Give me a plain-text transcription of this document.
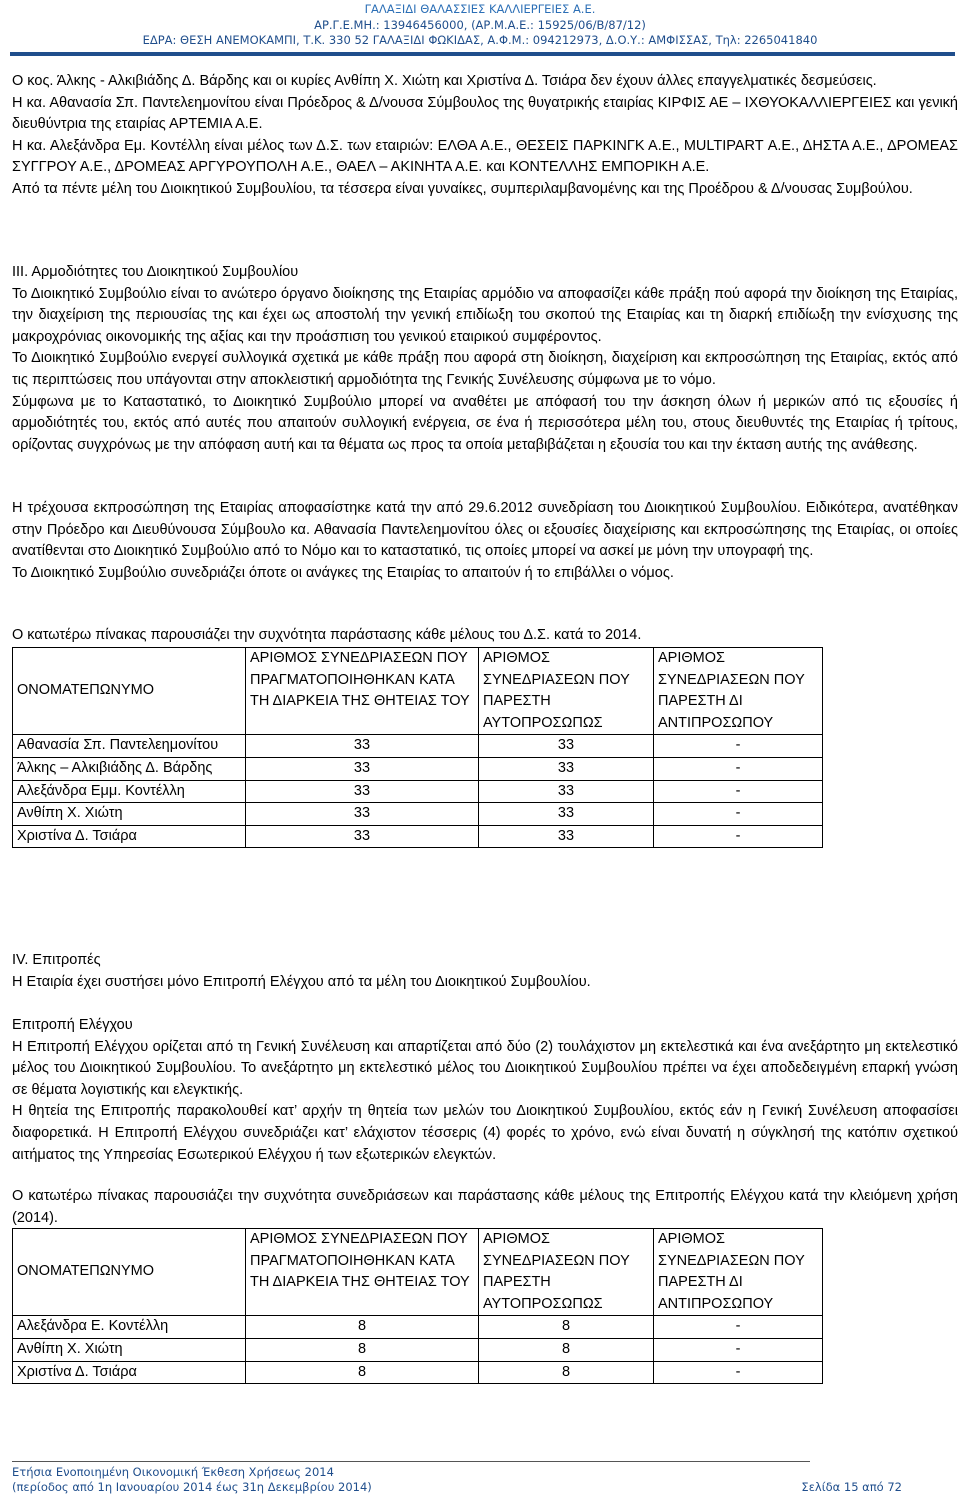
ΓΑΛΑΞΙΔΙ ΘΑΛΑΣΣΙΕΣ ΚΑΛΛΙΕΡΓΕΙΕΣ Α.Ε.
ΑΡ.Γ.Ε.ΜΗ.: 13946456000, (ΑΡ.Μ.Α.Ε.: 15925/06/Β/87/12)
ΕΔΡΑ: ΘΕΣΗ ΑΝΕΜΟΚΑΜΠΙ, Τ.Κ. 330 52 ΓΑΛΑΞΙΔΙ ΦΩΚΙΔΑΣ, Α.Φ.Μ.: 094212973, Δ.Ο.Υ.: ΑΜΦΙΣΣΑΣ, Τηλ: 2265041840

Ο κος. Άλκης - Αλκιβιάδης Δ. Βάρδης και οι κυρίες Ανθίπη Χ. Χιώτη και Χριστίνα Δ. Τσιάρα δεν έχουν άλλες επαγγελματικές δεσμεύσεις.

Η κα. Αθανασία Σπ. Παντελεημονίτου είναι Πρόεδρος & Δ/νουσα Σύμβουλος της θυγατρικής εταιρίας ΚΙΡΦΙΣ ΑΕ – ΙΧΘΥΟΚΑΛΛΙΕΡΓΕΙΕΣ και γενική διευθύντρια της εταιρίας ΑΡΤΕΜΙΑ Α.Ε.

Η κα. Αλεξάνδρα Εμ. Κοντέλλη είναι μέλος των Δ.Σ. των εταιριών: ΕΛΘΑ Α.Ε., ΘΕΣΕΙΣ ΠΑΡΚΙΝΓΚ Α.Ε., MULTIPART Α.Ε., ΔΗΣΤΑ Α.Ε., ΔΡΟΜΕΑΣ ΣΥΓΓΡΟΥ Α.Ε., ΔΡΟΜΕΑΣ ΑΡΓΥΡΟΥΠΟΛΗ Α.Ε., ΘΑΕΛ – ΑΚΙΝΗΤΑ Α.Ε. και ΚΟΝΤΕΛΛΗΣ ΕΜΠΟΡΙΚΗ Α.Ε.

Από τα πέντε μέλη του Διοικητικού Συμβουλίου, τα τέσσερα είναι γυναίκες, συμπεριλαμβανομένης και της Προέδρου & Δ/νουσας Συμβούλου.

ΙΙΙ. Αρμοδιότητες του Διοικητικού Συμβουλίου

Το Διοικητικό Συμβούλιο είναι το ανώτερο όργανο διοίκησης της Εταιρίας αρμόδιο να αποφασίζει κάθε πράξη πού αφορά την διοίκηση της Εταιρίας, την διαχείριση της περιουσίας της και έχει ως αποστολή την γενική επιδίωξη του σκοπού της Εταιρίας και τη διαρκή επιδίωξη την ενίσχυσης της μακροχρόνιας οικονομικής της αξίας και την προάσπιση του γενικού εταιρικού συμφέροντος.

Το Διοικητικό Συμβούλιο ενεργεί συλλογικά σχετικά με κάθε πράξη που αφορά στη διοίκηση, διαχείριση και εκπροσώπηση της Εταιρίας, εκτός από τις περιπτώσεις που υπάγονται στην αποκλειστική αρμοδιότητα της Γενικής Συνέλευσης σύμφωνα με το νόμο.

Σύμφωνα με το Καταστατικό, το Διοικητικό Συμβούλιο μπορεί να αναθέτει με απόφασή του την άσκηση όλων ή μερικών από τις εξουσίες ή αρμοδιότητές του, εκτός από αυτές που απαιτούν συλλογική ενέργεια, σε ένα ή περισσότερα μέλη του, στους διευθυντές της Εταιρίας ή τρίτους, ορίζοντας συγχρόνως με την απόφαση αυτή και τα θέματα ως προς τα οποία μεταβιβάζεται η εξουσία του και την έκταση αυτής της ανάθεσης.

Η τρέχουσα εκπροσώπηση της Εταιρίας αποφασίστηκε κατά την από 29.6.2012 συνεδρίαση του Διοικητικού Συμβουλίου. Ειδικότερα, ανατέθηκαν στην Πρόεδρο και Διευθύνουσα Σύμβουλο κα. Αθανασία Παντελεημονίτου όλες οι εξουσίες διαχείρισης και εκπροσώπησης της Εταιρίας, οι οποίες ανατίθενται στο Διοικητικό Συμβούλιο από το Νόμο και το καταστατικό, τις οποίες μπορεί να ασκεί με μόνη την υπογραφή της.

Το Διοικητικό Συμβούλιο συνεδριάζει όποτε οι ανάγκες της Εταιρίας το απαιτούν ή το επιβάλλει ο νόμος.

Ο κατωτέρω πίνακας παρουσιάζει την συχνότητα παράστασης κάθε μέλους του Δ.Σ. κατά το 2014.

ΟΝΟΜΑΤΕΠΩΝΥΜΟ	ΑΡΙΘΜΟΣ ΣΥΝΕΔΡΙΑΣΕΩΝ ΠΟΥ ΠΡΑΓΜΑΤΟΠΟΙΗΘΗΚΑΝ ΚΑΤΑ ΤΗ ΔΙΑΡΚΕΙΑ ΤΗΣ ΘΗΤΕΙΑΣ ΤΟΥ	ΑΡΙΘΜΟΣ ΣΥΝΕΔΡΙΑΣΕΩΝ ΠΟΥ ΠΑΡΕΣΤΗ ΑΥΤΟΠΡΟΣΩΠΩΣ	ΑΡΙΘΜΟΣ ΣΥΝΕΔΡΙΑΣΕΩΝ ΠΟΥ ΠΑΡΕΣΤΗ ΔΙ ΑΝΤΙΠΡΟΣΩΠΟΥ
Αθανασία Σπ. Παντελεημονίτου	33	33	-
Άλκης – Αλκιβιάδης Δ. Βάρδης	33	33	-
Αλεξάνδρα Εμμ. Κοντέλλη	33	33	-
Ανθίπη Χ. Χιώτη	33	33	-
Χριστίνα Δ. Τσιάρα	33	33	-

IV. Επιτροπές

Η Εταιρία έχει συστήσει μόνο Επιτροπή Ελέγχου από τα μέλη του Διοικητικού Συμβουλίου.

Επιτροπή Ελέγχου

Η Επιτροπή Ελέγχου ορίζεται από τη Γενική Συνέλευση και απαρτίζεται από δύο (2) τουλάχιστον μη εκτελεστικά και ένα ανεξάρτητο μη εκτελεστικό μέλος του Διοικητικού Συμβουλίου. Το ανεξάρτητο μη εκτελεστικό μέλος του Διοικητικού Συμβουλίου πρέπει να έχει αποδεδειγμένη επαρκή γνώση σε θέματα λογιστικής και ελεγκτικής.

Η θητεία της Επιτροπής παρακολουθεί κατ’ αρχήν τη θητεία των μελών του Διοικητικού Συμβουλίου, εκτός εάν η Γενική Συνέλευση αποφασίσει διαφορετικά. Η Επιτροπή Ελέγχου συνεδριάζει κατ’ ελάχιστον τέσσερις (4) φορές το χρόνο, ενώ είναι δυνατή η σύγκλησή της κατόπιν σχετικού αιτήματος της Υπηρεσίας Εσωτερικού Ελέγχου ή των εξωτερικών ελεγκτών.

Ο κατωτέρω πίνακας παρουσιάζει την συχνότητα συνεδριάσεων και παράστασης κάθε μέλους της Επιτροπής Ελέγχου κατά την κλειόμενη χρήση (2014).

ΟΝΟΜΑΤΕΠΩΝΥΜΟ	ΑΡΙΘΜΟΣ ΣΥΝΕΔΡΙΑΣΕΩΝ ΠΟΥ ΠΡΑΓΜΑΤΟΠΟΙΗΘΗΚΑΝ ΚΑΤΑ ΤΗ ΔΙΑΡΚΕΙΑ ΤΗΣ ΘΗΤΕΙΑΣ ΤΟΥ	ΑΡΙΘΜΟΣ ΣΥΝΕΔΡΙΑΣΕΩΝ ΠΟΥ ΠΑΡΕΣΤΗ ΑΥΤΟΠΡΟΣΩΠΩΣ	ΑΡΙΘΜΟΣ ΣΥΝΕΔΡΙΑΣΕΩΝ ΠΟΥ ΠΑΡΕΣΤΗ ΔΙ ΑΝΤΙΠΡΟΣΩΠΟΥ
Αλεξάνδρα Ε. Κοντέλλη	8	8	-
Ανθίπη Χ. Χιώτη	8	8	-
Χριστίνα Δ. Τσιάρα	8	8	-
Ετήσια Ενοποιημένη Οικονομική Έκθεση Χρήσεως 2014
(περίοδος από 1η Ιανουαρίου 2014 έως 31η Δεκεμβρίου 2014)	Σελίδα 15 από 72
